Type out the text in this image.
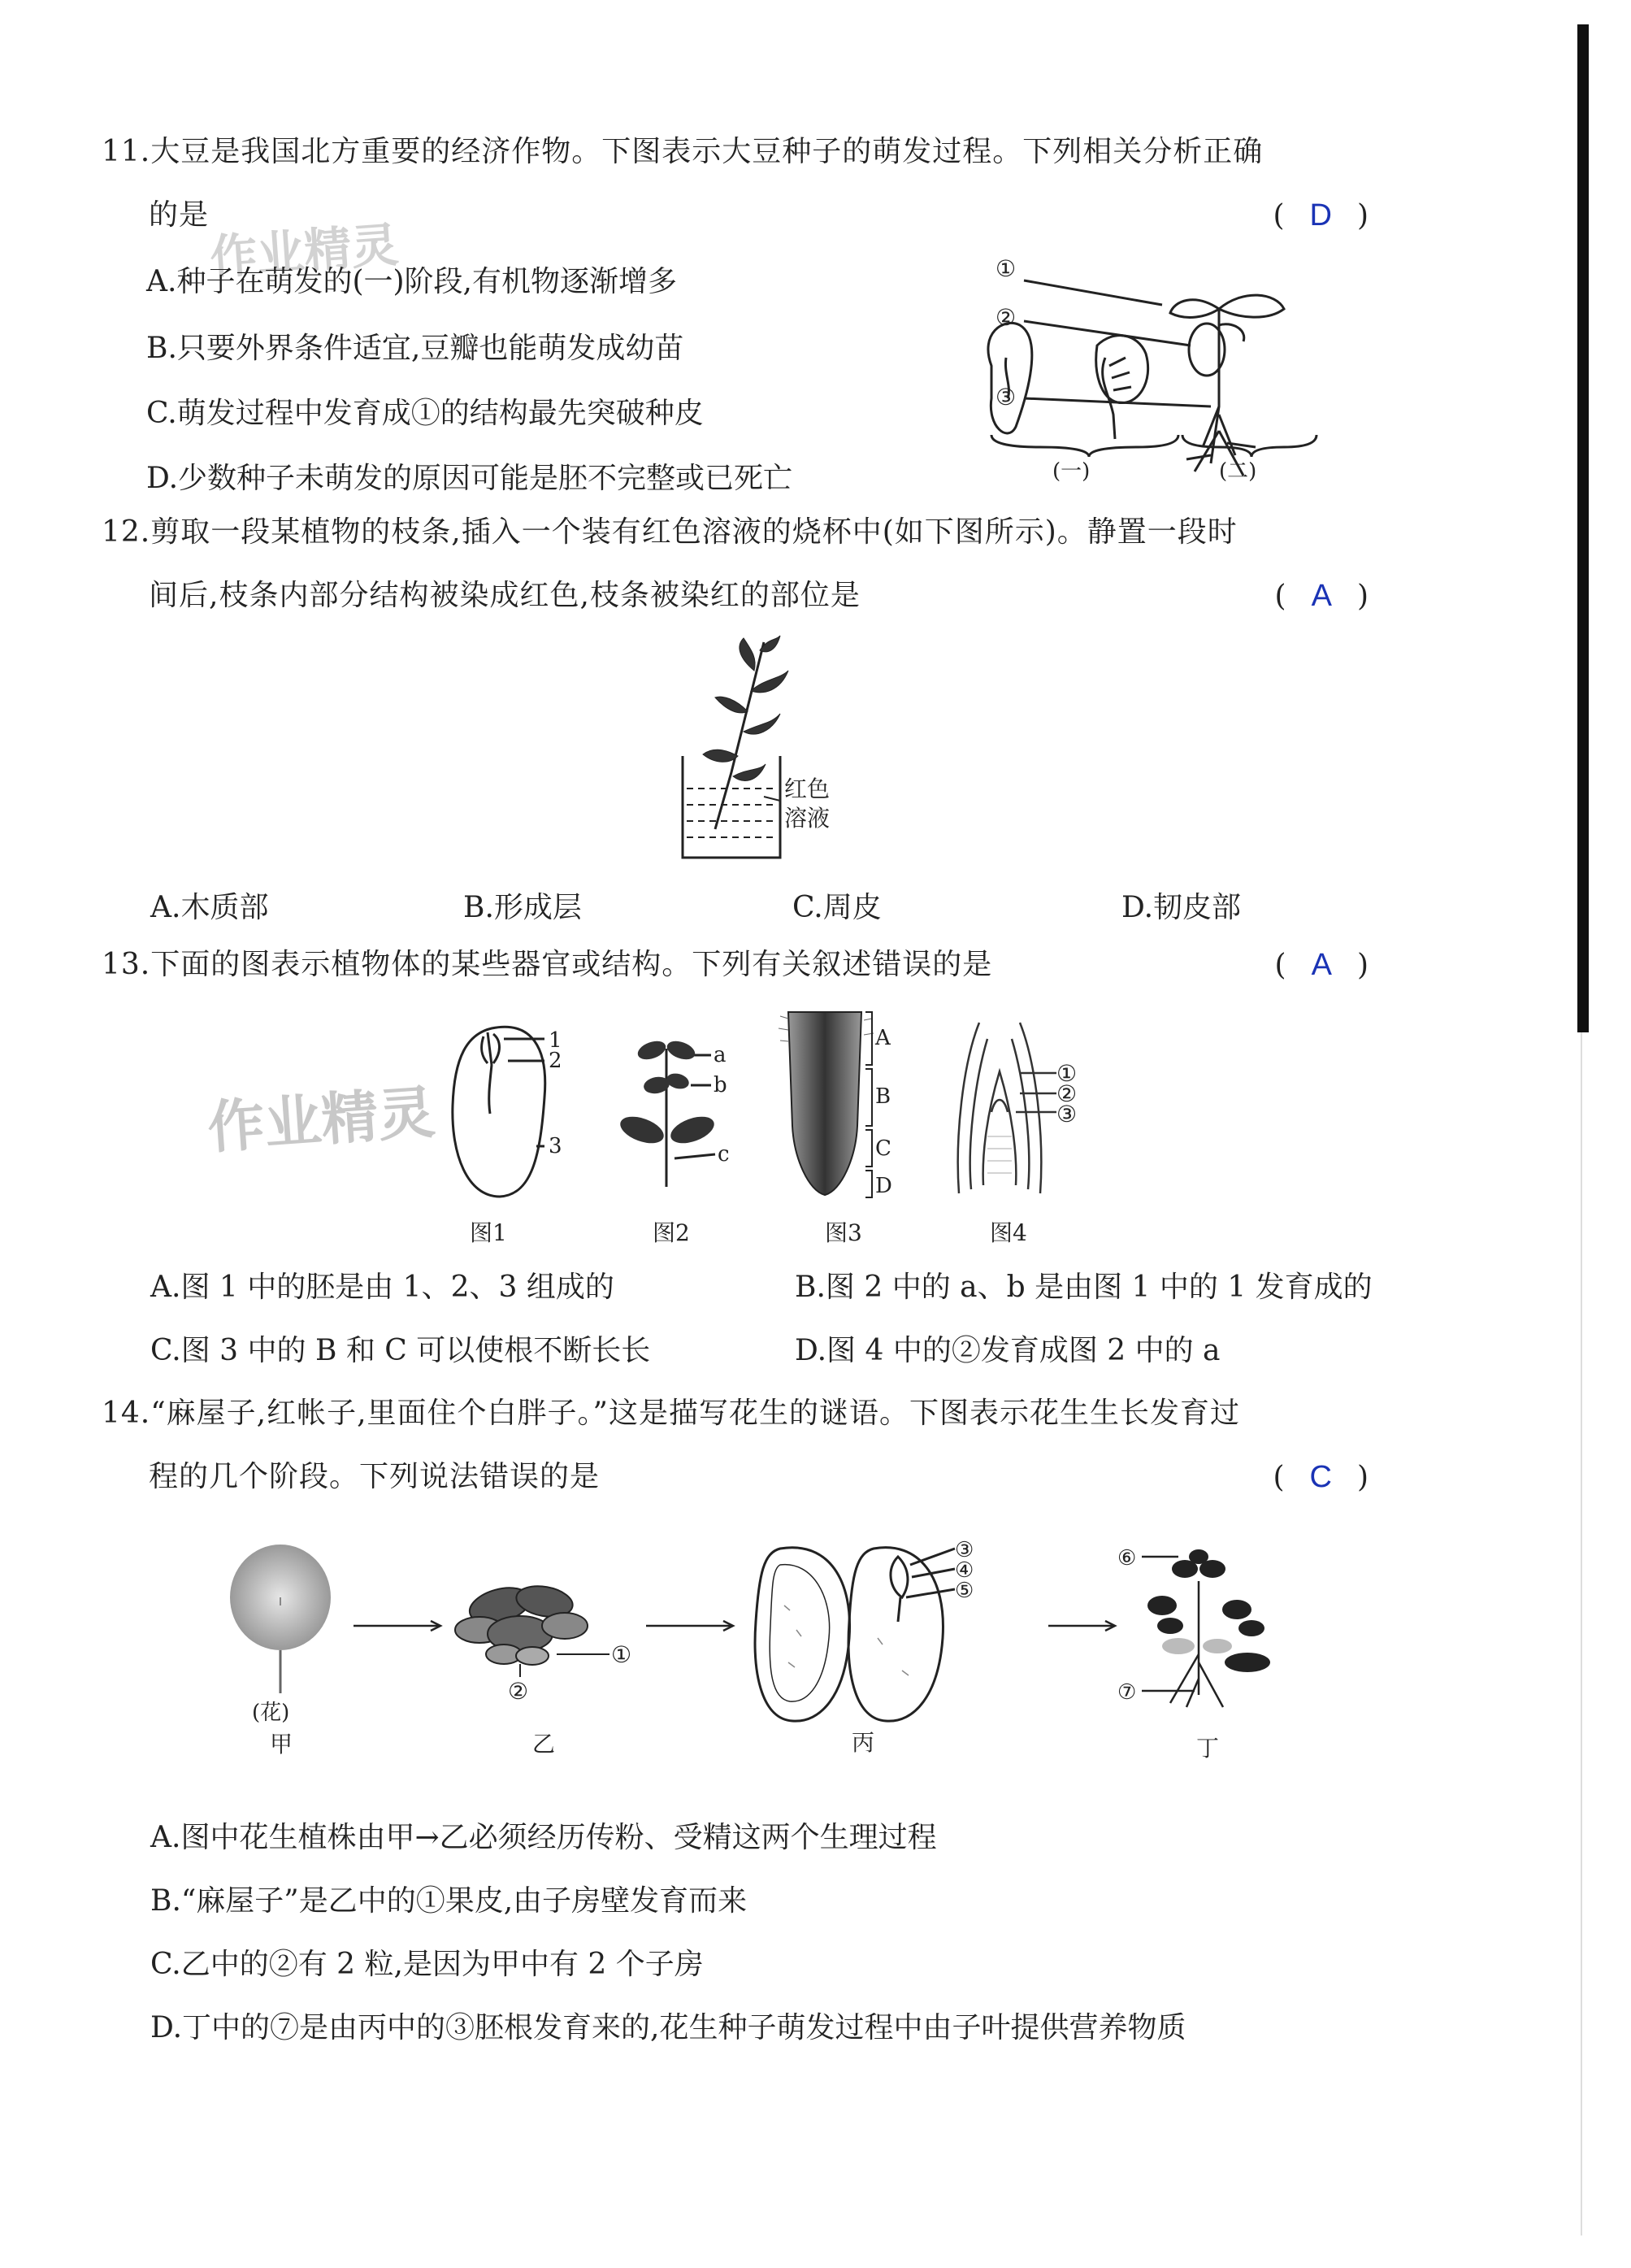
作业精灵
作业精灵
11.大豆是我国北方重要的经济作物。下图表示大豆种子的萌发过程。下列相关分析正确
的是	( D )
A.种子在萌发的(一)阶段,有机物逐渐增多
B.只要外界条件适宜,豆瓣也能萌发成幼苗
C.萌发过程中发育成①的结构最先突破种皮
D.少数种子未萌发的原因可能是胚不完整或已死亡
①
②
③
(一)	(二)
12.剪取一段某植物的枝条,插入一个装有红色溶液的烧杯中(如下图所示)。静置一段时
间后,枝条内部分结构被染成红色,枝条被染红的部位是	( A )
红色
溶液
A.木质部	B.形成层	C.周皮	D.韧皮部
13.下面的图表示植物体的某些器官或结构。下列有关叙述错误的是	( A )
1
2
3
图1
a
b
c
图2
A
B
C
D
图3
①
②
③
图4
A.图 1 中的胚是由 1、2、3 组成的	B.图 2 中的 a、b 是由图 1 中的 1 发育成的
C.图 3 中的 B 和 C 可以使根不断长长	D.图 4 中的②发育成图 2 中的 a
14.“麻屋子,红帐子,里面住个白胖子。”这是描写花生的谜语。下图表示花生生长发育过
程的几个阶段。下列说法错误的是	( C )
(花)
甲
①
②
乙
③
④
⑤
丙
⑥
⑦
丁
A.图中花生植株由甲→乙必须经历传粉、受精这两个生理过程
B.“麻屋子”是乙中的①果皮,由子房壁发育而来
C.乙中的②有 2 粒,是因为甲中有 2 个子房
D.丁中的⑦是由丙中的③胚根发育来的,花生种子萌发过程中由子叶提供营养物质
